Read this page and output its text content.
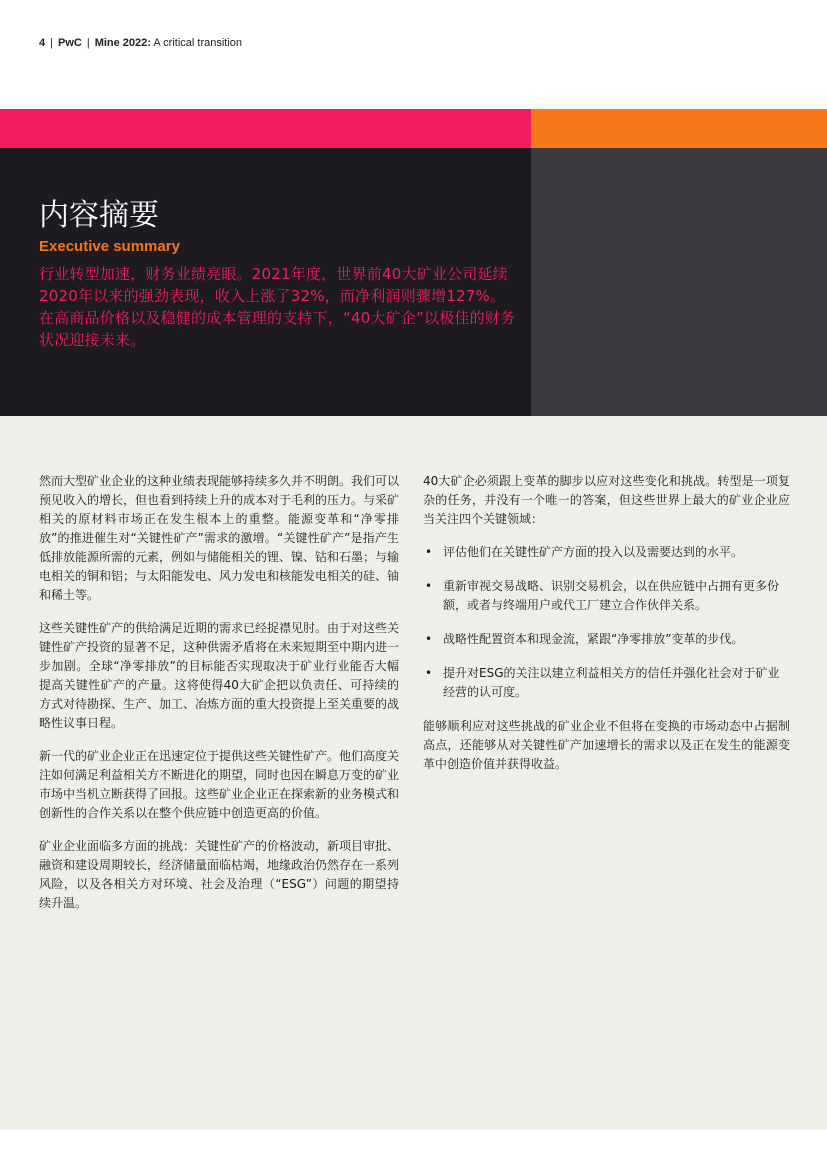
4 | PwC | Mine 2022: A critical transition
内容摘要
Executive summary
行业转型加速，财务业绩亮眼。2021年度，世界前40大矿业公司延续2020年以来的强劲表现，收入上涨了32%，而净利润则骤增127%。在高商品价格以及稳健的成本管理的支持下，“40大矿企”以极佳的财务状况迎接未来。

然而大型矿业企业的这种业绩表现能够持续多久并不明朗。我们可以预见收入的增长，但也看到持续上升的成本对于毛利的压力。与采矿相关的原材料市场正在发生根本上的重整。能源变革和“净零排放”的推进催生对“关键性矿产”需求的激增。“关键性矿产”是指产生低排放能源所需的元素，例如与储能相关的锂、镍、钴和石墨；与输电相关的铜和铝；与太阳能发电、风力发电和核能发电相关的硅、铀和稀土等。

这些关键性矿产的供给满足近期的需求已经捉襟见肘。由于对这些关键性矿产投资的显著不足，这种供需矛盾将在未来短期至中期内进一步加剧。全球“净零排放”的目标能否实现取决于矿业行业能否大幅提高关键性矿产的产量。这将使得40大矿企把以负责任、可持续的方式对待勘探、生产、加工、冶炼方面的重大投资提上至关重要的战略性议事日程。

新一代的矿业企业正在迅速定位于提供这些关键性矿产。他们高度关注如何满足利益相关方不断进化的期望，同时也因在瞬息万变的矿业市场中当机立断获得了回报。这些矿业企业正在探索新的业务模式和创新性的合作关系以在整个供应链中创造更高的价值。

矿业企业面临多方面的挑战：关键性矿产的价格波动，新项目审批、融资和建设周期较长，经济储量面临枯竭，地缘政治仍然存在一系列风险，以及各相关方对环境、社会及治理（“ESG”）问题的期望持续升温。

40大矿企必须跟上变革的脚步以应对这些变化和挑战。转型是一项复杂的任务，并没有一个唯一的答案，但这些世界上最大的矿业企业应当关注四个关键领域：

• 评估他们在关键性矿产方面的投入以及需要达到的水平。
• 重新审视交易战略、识别交易机会，以在供应链中占拥有更多份额，或者与终端用户或代工厂建立合作伙伴关系。
• 战略性配置资本和现金流，紧跟“净零排放”变革的步伐。
• 提升对ESG的关注以建立利益相关方的信任并强化社会对于矿业经营的认可度。

能够顺利应对这些挑战的矿业企业不但将在变换的市场动态中占据制高点，还能够从对关键性矿产加速增长的需求以及正在发生的能源变革中创造价值并获得收益。
